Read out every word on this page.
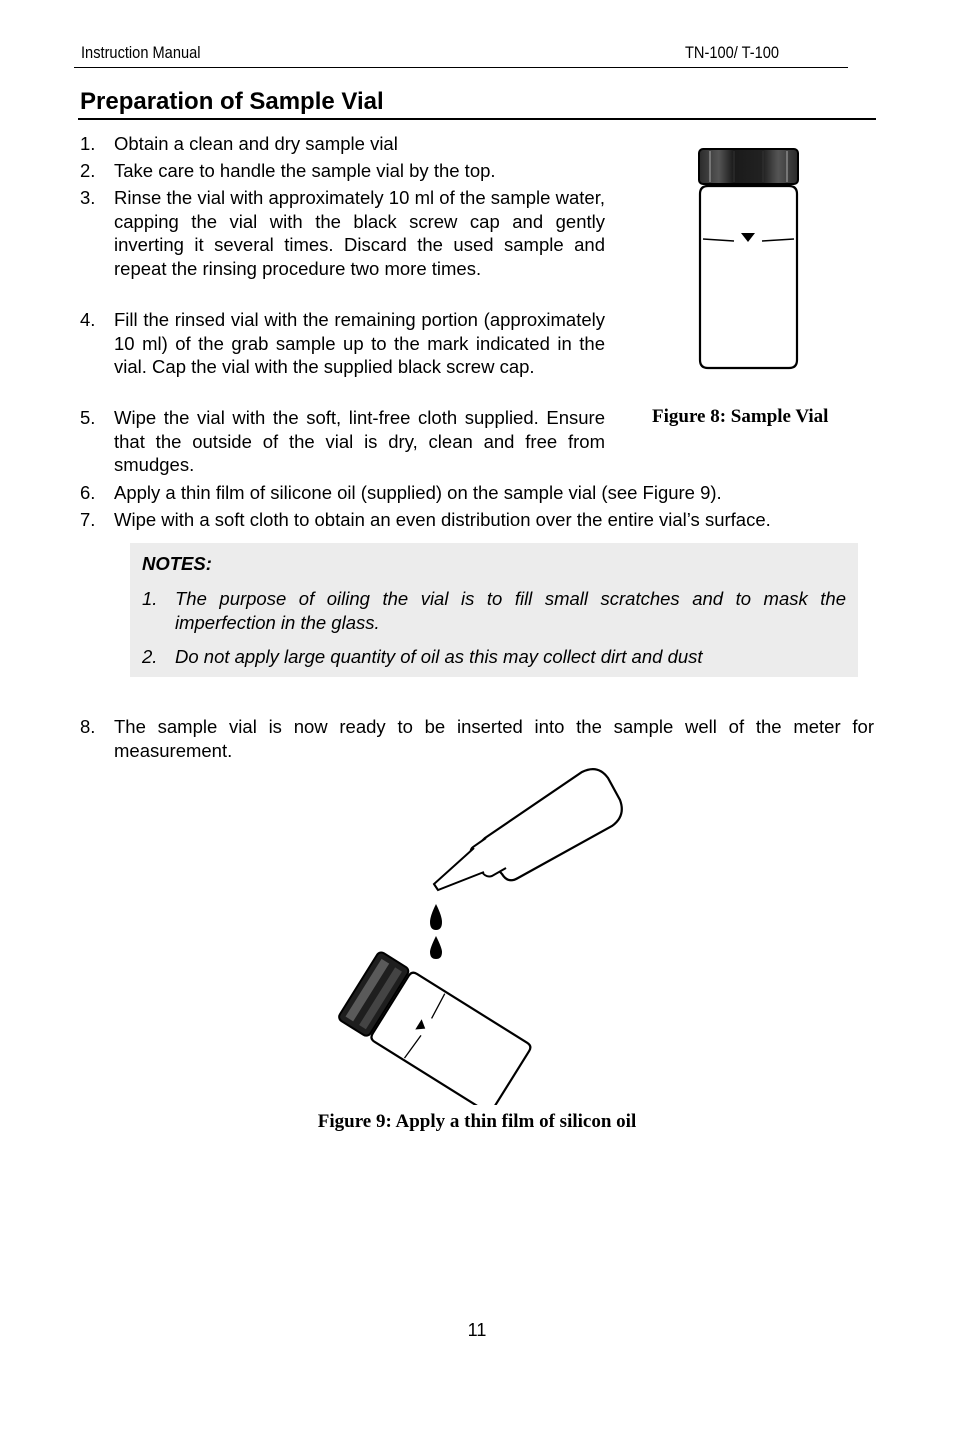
Instruction Manual	TN-100/ T-100
Preparation of Sample Vial
1.	Obtain a clean and dry sample vial
2.	Take care to handle the sample vial by the top.
3.	Rinse the vial with approximately 10 ml of the sample water, capping the vial with the black screw cap and gently inverting it several times. Discard the used sample and repeat the rinsing procedure two more times.
4.	Fill the rinsed vial with the remaining portion (approximately 10 ml) of the grab sample up to the mark indicated in the vial. Cap the vial with the supplied black screw cap.
5.	Wipe the vial with the soft, lint-free cloth supplied. Ensure that the outside of the vial is dry, clean and free from smudges.
6.	Apply a thin film of silicone oil (supplied) on the sample vial (see Figure 9).
7.	Wipe with a soft cloth to obtain an even distribution over the entire vial’s surface.
8.	The sample vial is now ready to be inserted into the sample well of the meter for measurement.
Figure 8: Sample Vial
NOTES:
1. The purpose of oiling the vial is to fill small scratches and to mask the imperfection in the glass.
2. Do not apply large quantity of oil as this may collect dirt and dust
Figure 9: Apply a thin film of silicon oil
11
